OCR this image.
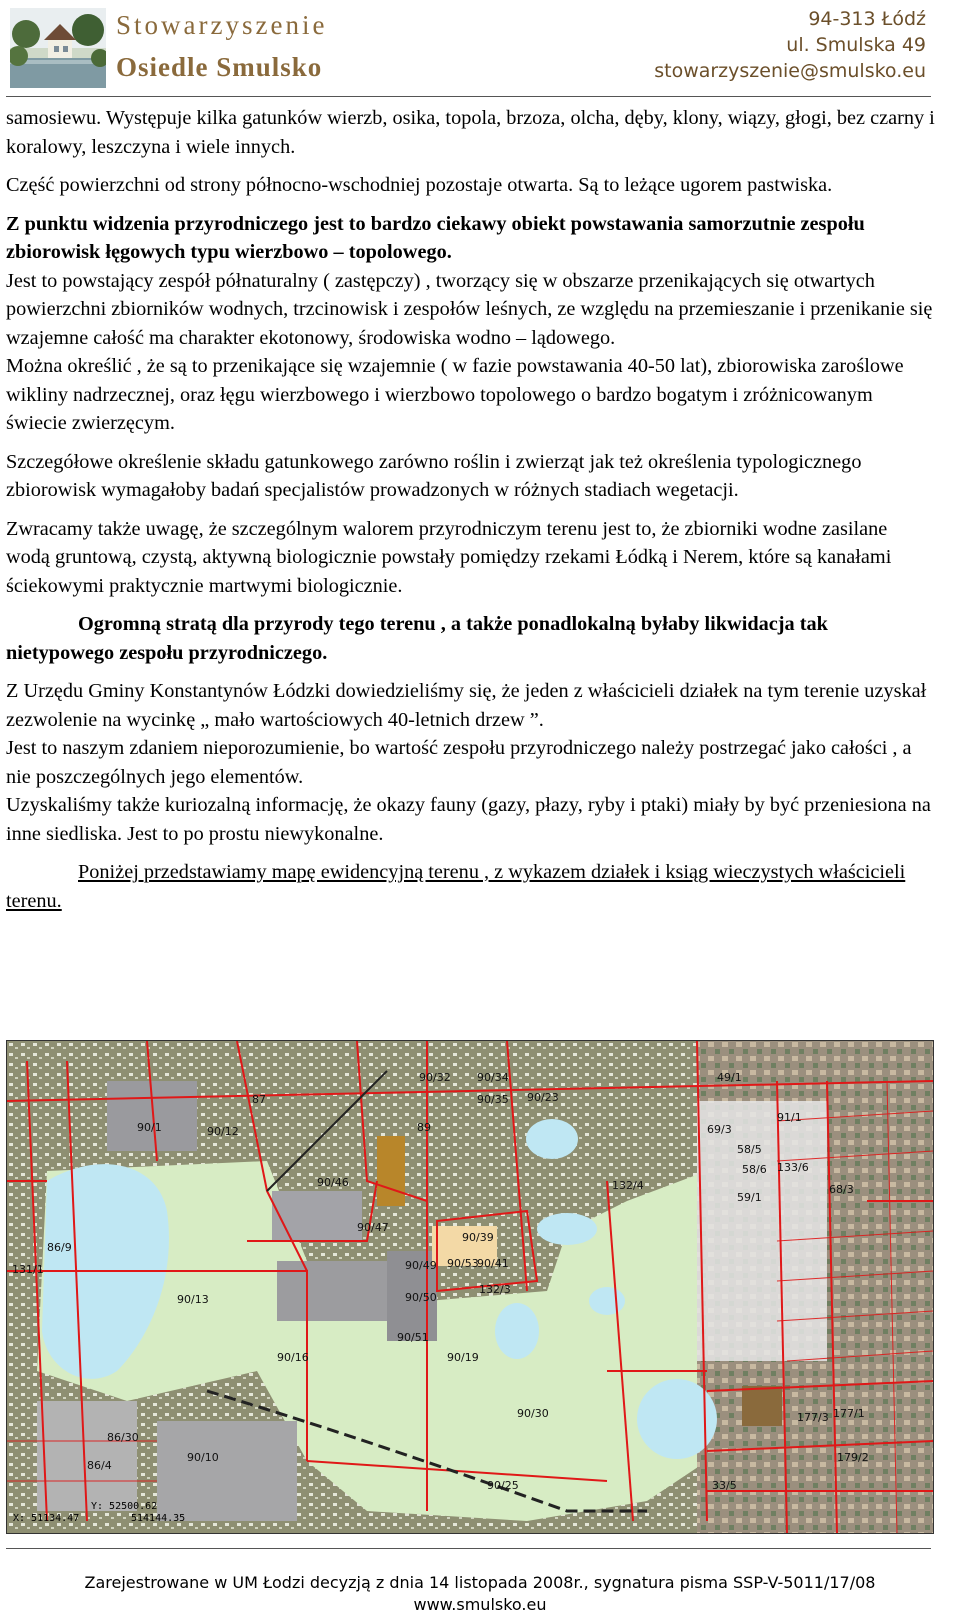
Stowarzyszenie
Osiedle Smulsko
94-313 Łódź
ul. Smulska 49
stowarzyszenie@smulsko.eu

samosiewu. Występuje kilka gatunków wierzb, osika, topola, brzoza, olcha, dęby, klony, wiązy, głogi, bez czarny i koralowy, leszczyna i wiele innych.

Część powierzchni od strony północno-wschodniej pozostaje otwarta. Są to leżące ugorem pastwiska.

Z punktu widzenia przyrodniczego jest to bardzo ciekawy obiekt powstawania samorzutnie zespołu zbiorowisk łęgowych typu wierzbowo – topolowego.

Jest to powstający zespół półnaturalny ( zastępczy) , tworzący się w obszarze przenikających się otwartych powierzchni zbiorników wodnych, trzcinowisk i zespołów leśnych, ze względu na przemieszanie i przenikanie się wzajemne całość ma charakter ekotonowy, środowiska wodno – lądowego.

Można określić , że są to przenikające się wzajemnie ( w fazie powstawania 40-50 lat), zbiorowiska zaroślowe wikliny nadrzecznej, oraz łęgu wierzbowego i wierzbowo topolowego o bardzo bogatym i zróżnicowanym świecie zwierzęcym.

Szczegółowe określenie składu gatunkowego zarówno roślin i zwierząt jak też określenia typologicznego zbiorowisk wymagałoby badań specjalistów prowadzonych w różnych stadiach wegetacji.

Zwracamy także uwagę, że szczególnym walorem przyrodniczym terenu jest to, że zbiorniki wodne zasilane wodą gruntową, czystą, aktywną biologicznie powstały pomiędzy rzekami Łódką i Nerem, które są kanałami ściekowymi praktycznie martwymi biologicznie.

Ogromną stratą dla przyrody tego terenu , a także ponadlokalną byłaby likwidacja tak nietypowego zespołu przyrodniczego.

Z Urzędu Gminy Konstantynów Łódzki dowiedzieliśmy się, że jeden z właścicieli działek na tym terenie uzyskał zezwolenie na wycinkę „ mało wartościowych 40-letnich drzew ”.

Jest to naszym zdaniem nieporozumienie, bo wartość zespołu przyrodniczego należy postrzegać jako całości , a nie poszczególnych jego elementów.

Uzyskaliśmy także kuriozalną informację, że okazy fauny (gazy, płazy, ryby i ptaki) miały by być przeniesiona na inne siedliska. Jest to po prostu niewykonalne.

Poniżej przedstawiamy mapę ewidencyjną terenu , z wykazem działek i ksiąg wieczystych właścicieli terenu.

90/32 90/34
90/35
87
89
90/1	90/12
90/46
90/47
90/49
90/50
90/51
90/53
90/41
90/39
132/3
132/4
90/13
90/16	90/19
90/30
90/25
90/10
86/30
86/4
131/1
86/9
69/3
59/1
58/5
58/6
68/3
91/1
133/6
177/3 177/1
179/2
33/5
49/1
90/23
X: 51134.47
Y: 52500.62
514144.35
Zarejestrowane w UM Łodzi decyzją z dnia 14 listopada 2008r., sygnatura pisma SSP-V-5011/17/08
www.smulsko.eu
